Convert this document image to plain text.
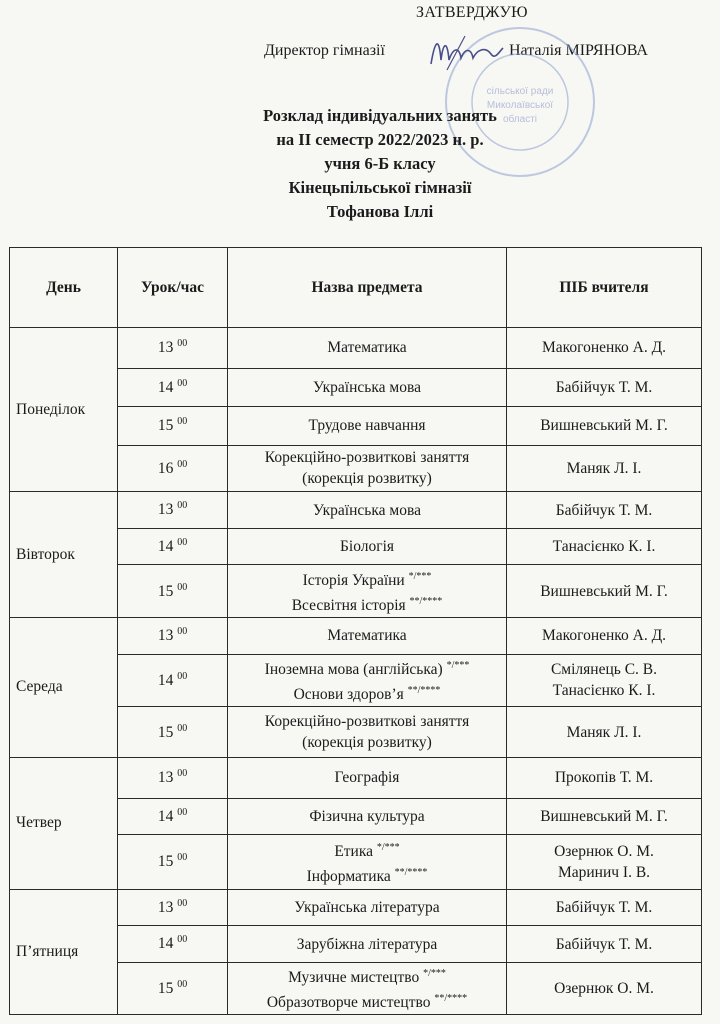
ЗАТВЕРДЖУЮ
Директор гімназії	Наталія МІРЯНОВА
сільської ради
Миколаївської
області
Розклад індивідуальних занять
на ІІ семестр 2022/2023 н. р.
учня 6-Б класу
Кінецьпільської гімназії
Тофанова Іллі
День	Урок/час	Назва предмета	ПІБ вчителя
Понеділок	13 $^{00}$	Математика	Макогоненко А. Д.

	14 $^{00}$	Українська мова	Бабійчук Т. М.

	15 $^{00}$	Трудове навчання	Вишневський М. Г.

	16 $^{00}$	Корекційно-розвиткові заняття
(корекція розвитку)	Маняк Л. І.

Вівторок	13 $^{00}$	Українська мова	Бабійчук Т. М.

	14 $^{00}$	Біологія	Танасієнко К. І.

	15 $^{00}$	Історія України */***
Всесвітня історія **/****	Вишневський М. Г.

Середа	13 $^{00}$	Математика	Макогоненко А. Д.

	14 $^{00}$	Іноземна мова (англійська) */***
Основи здоров’я **/****	Смілянець С. В.
Танасієнко К. І.

	15 $^{00}$	Корекційно-розвиткові заняття
(корекція розвитку)	Маняк Л. І.

Четвер	13 $^{00}$	Географія	Прокопів Т. М.

	14 $^{00}$	Фізична культура	Вишневський М. Г.

	15 $^{00}$	Етика */***
Інформатика **/****	Озернюк О. М.
Маринич І. В.

П’ятниця	13 $^{00}$	Українська література	Бабійчук Т. М.

	14 $^{00}$	Зарубіжна література	Бабійчук Т. М.

	15 $^{00}$	Музичне мистецтво */***
Образотворче мистецтво **/****	Озернюк О. М.
